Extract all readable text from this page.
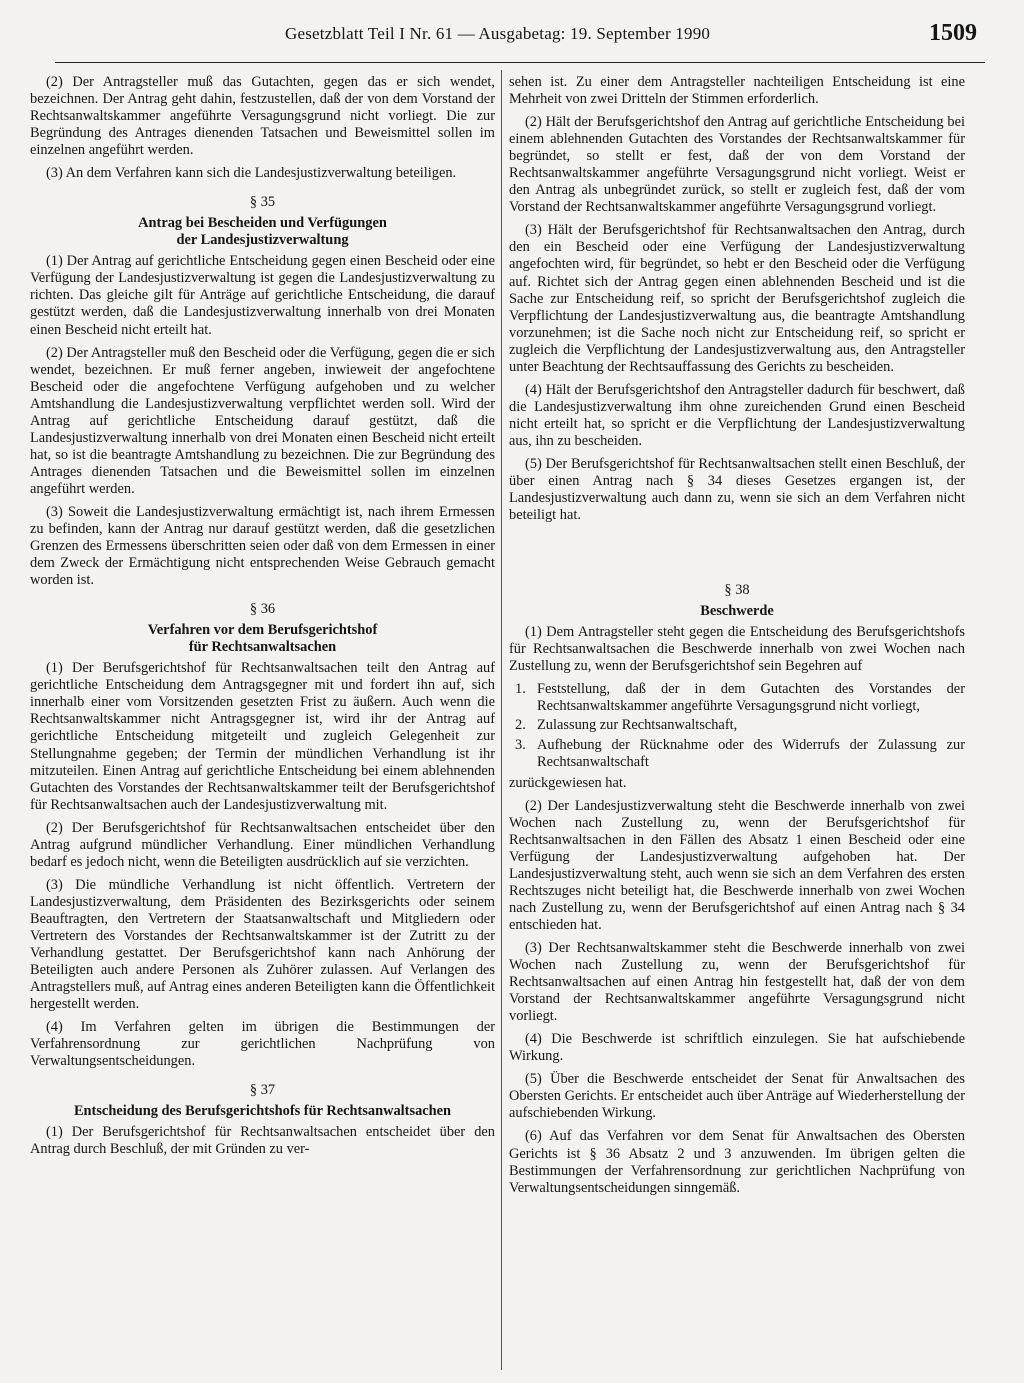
Gesetzblatt Teil I Nr. 61 — Ausgabetag: 19. September 1990	1509

(2) Der Antragsteller muß das Gutachten, gegen das er sich wendet, bezeichnen. Der Antrag geht dahin, festzustellen, daß der von dem Vorstand der Rechtsanwaltskammer angeführte Versagungsgrund nicht vorliegt. Die zur Begründung des Antrages dienenden Tatsachen und Beweismittel sollen im einzelnen angeführt werden.

(3) An dem Verfahren kann sich die Landesjustizverwaltung beteiligen.

§ 35
Antrag bei Bescheiden und Verfügungen
der Landesjustizverwaltung

(1) Der Antrag auf gerichtliche Entscheidung gegen einen Bescheid oder eine Verfügung der Landesjustizverwaltung ist gegen die Landesjustizverwaltung zu richten. Das gleiche gilt für Anträge auf gerichtliche Entscheidung, die darauf gestützt werden, daß die Landesjustizverwaltung innerhalb von drei Monaten einen Bescheid nicht erteilt hat.

(2) Der Antragsteller muß den Bescheid oder die Verfügung, gegen die er sich wendet, bezeichnen. Er muß ferner angeben, inwieweit der angefochtene Bescheid oder die angefochtene Verfügung aufgehoben und zu welcher Amtshandlung die Landesjustizverwaltung verpflichtet werden soll. Wird der Antrag auf gerichtliche Entscheidung darauf gestützt, daß die Landesjustizverwaltung innerhalb von drei Monaten einen Bescheid nicht erteilt hat, so ist die beantragte Amtshandlung zu bezeichnen. Die zur Begründung des Antrages dienenden Tatsachen und die Beweismittel sollen im einzelnen angeführt werden.

(3) Soweit die Landesjustizverwaltung ermächtigt ist, nach ihrem Ermessen zu befinden, kann der Antrag nur darauf gestützt werden, daß die gesetzlichen Grenzen des Ermessens überschritten seien oder daß von dem Ermessen in einer dem Zweck der Ermächtigung nicht entsprechenden Weise Gebrauch gemacht worden ist.

§ 36
Verfahren vor dem Berufsgerichtshof
für Rechtsanwaltsachen

(1) Der Berufsgerichtshof für Rechtsanwaltsachen teilt den Antrag auf gerichtliche Entscheidung dem Antragsgegner mit und fordert ihn auf, sich innerhalb einer vom Vorsitzenden gesetzten Frist zu äußern. Auch wenn die Rechtsanwaltskammer nicht Antragsgegner ist, wird ihr der Antrag auf gerichtliche Entscheidung mitgeteilt und zugleich Gelegenheit zur Stellungnahme gegeben; der Termin der mündlichen Verhandlung ist ihr mitzuteilen. Einen Antrag auf gerichtliche Entscheidung bei einem ablehnenden Gutachten des Vorstandes der Rechtsanwaltskammer teilt der Berufsgerichtshof für Rechtsanwaltsachen auch der Landesjustizverwaltung mit.

(2) Der Berufsgerichtshof für Rechtsanwaltsachen entscheidet über den Antrag aufgrund mündlicher Verhandlung. Einer mündlichen Verhandlung bedarf es jedoch nicht, wenn die Beteiligten ausdrücklich auf sie verzichten.

(3) Die mündliche Verhandlung ist nicht öffentlich. Vertretern der Landesjustizverwaltung, dem Präsidenten des Bezirksgerichts oder seinem Beauftragten, den Vertretern der Staatsanwaltschaft und Mitgliedern oder Vertretern des Vorstandes der Rechtsanwaltskammer ist der Zutritt zu der Verhandlung gestattet. Der Berufsgerichtshof kann nach Anhörung der Beteiligten auch andere Personen als Zuhörer zulassen. Auf Verlangen des Antragstellers muß, auf Antrag eines anderen Beteiligten kann die Öffentlichkeit hergestellt werden.

(4) Im Verfahren gelten im übrigen die Bestimmungen der Verfahrensordnung zur gerichtlichen Nachprüfung von Verwaltungsentscheidungen.

§ 37
Entscheidung des Berufsgerichtshofs für Rechtsanwaltsachen

(1) Der Berufsgerichtshof für Rechtsanwaltsachen entscheidet über den Antrag durch Beschluß, der mit Gründen zu ver-

sehen ist. Zu einer dem Antragsteller nachteiligen Entscheidung ist eine Mehrheit von zwei Dritteln der Stimmen erforderlich.

(2) Hält der Berufsgerichtshof den Antrag auf gerichtliche Entscheidung bei einem ablehnenden Gutachten des Vorstandes der Rechtsanwaltskammer für begründet, so stellt er fest, daß der von dem Vorstand der Rechtsanwaltskammer angeführte Versagungsgrund nicht vorliegt. Weist er den Antrag als unbegründet zurück, so stellt er zugleich fest, daß der vom Vorstand der Rechtsanwaltskammer angeführte Versagungsgrund vorliegt.

(3) Hält der Berufsgerichtshof für Rechtsanwaltsachen den Antrag, durch den ein Bescheid oder eine Verfügung der Landesjustizverwaltung angefochten wird, für begründet, so hebt er den Bescheid oder die Verfügung auf. Richtet sich der Antrag gegen einen ablehnenden Bescheid und ist die Sache zur Entscheidung reif, so spricht der Berufsgerichtshof zugleich die Verpflichtung der Landesjustizverwaltung aus, die beantragte Amtshandlung vorzunehmen; ist die Sache noch nicht zur Entscheidung reif, so spricht er zugleich die Verpflichtung der Landesjustizverwaltung aus, den Antragsteller unter Beachtung der Rechtsauffassung des Gerichts zu bescheiden.

(4) Hält der Berufsgerichtshof den Antragsteller dadurch für beschwert, daß die Landesjustizverwaltung ihm ohne zureichenden Grund einen Bescheid nicht erteilt hat, so spricht er die Verpflichtung der Landesjustizverwaltung aus, ihn zu bescheiden.

(5) Der Berufsgerichtshof für Rechtsanwaltsachen stellt einen Beschluß, der über einen Antrag nach § 34 dieses Gesetzes ergangen ist, der Landesjustizverwaltung auch dann zu, wenn sie sich an dem Verfahren nicht beteiligt hat.

§ 38
Beschwerde

(1) Dem Antragsteller steht gegen die Entscheidung des Berufsgerichtshofs für Rechtsanwaltsachen die Beschwerde innerhalb von zwei Wochen nach Zustellung zu, wenn der Berufsgerichtshof sein Begehren auf

1. Feststellung, daß der in dem Gutachten des Vorstandes der Rechtsanwaltskammer angeführte Versagungsgrund nicht vorliegt,
2. Zulassung zur Rechtsanwaltschaft,
3. Aufhebung der Rücknahme oder des Widerrufs der Zulassung zur Rechtsanwaltschaft

zurückgewiesen hat.

(2) Der Landesjustizverwaltung steht die Beschwerde innerhalb von zwei Wochen nach Zustellung zu, wenn der Berufsgerichtshof für Rechtsanwaltsachen in den Fällen des Absatz 1 einen Bescheid oder eine Verfügung der Landesjustizverwaltung aufgehoben hat. Der Landesjustizverwaltung steht, auch wenn sie sich an dem Verfahren des ersten Rechtszuges nicht beteiligt hat, die Beschwerde innerhalb von zwei Wochen nach Zustellung zu, wenn der Berufsgerichtshof auf einen Antrag nach § 34 entschieden hat.

(3) Der Rechtsanwaltskammer steht die Beschwerde innerhalb von zwei Wochen nach Zustellung zu, wenn der Berufsgerichtshof für Rechtsanwaltsachen auf einen Antrag hin festgestellt hat, daß der von dem Vorstand der Rechtsanwaltskammer angeführte Versagungsgrund nicht vorliegt.

(4) Die Beschwerde ist schriftlich einzulegen. Sie hat aufschiebende Wirkung.

(5) Über die Beschwerde entscheidet der Senat für Anwaltsachen des Obersten Gerichts. Er entscheidet auch über Anträge auf Wiederherstellung der aufschiebenden Wirkung.

(6) Auf das Verfahren vor dem Senat für Anwaltsachen des Obersten Gerichts ist § 36 Absatz 2 und 3 anzuwenden. Im übrigen gelten die Bestimmungen der Verfahrensordnung zur gerichtlichen Nachprüfung von Verwaltungsentscheidungen sinngemäß.
